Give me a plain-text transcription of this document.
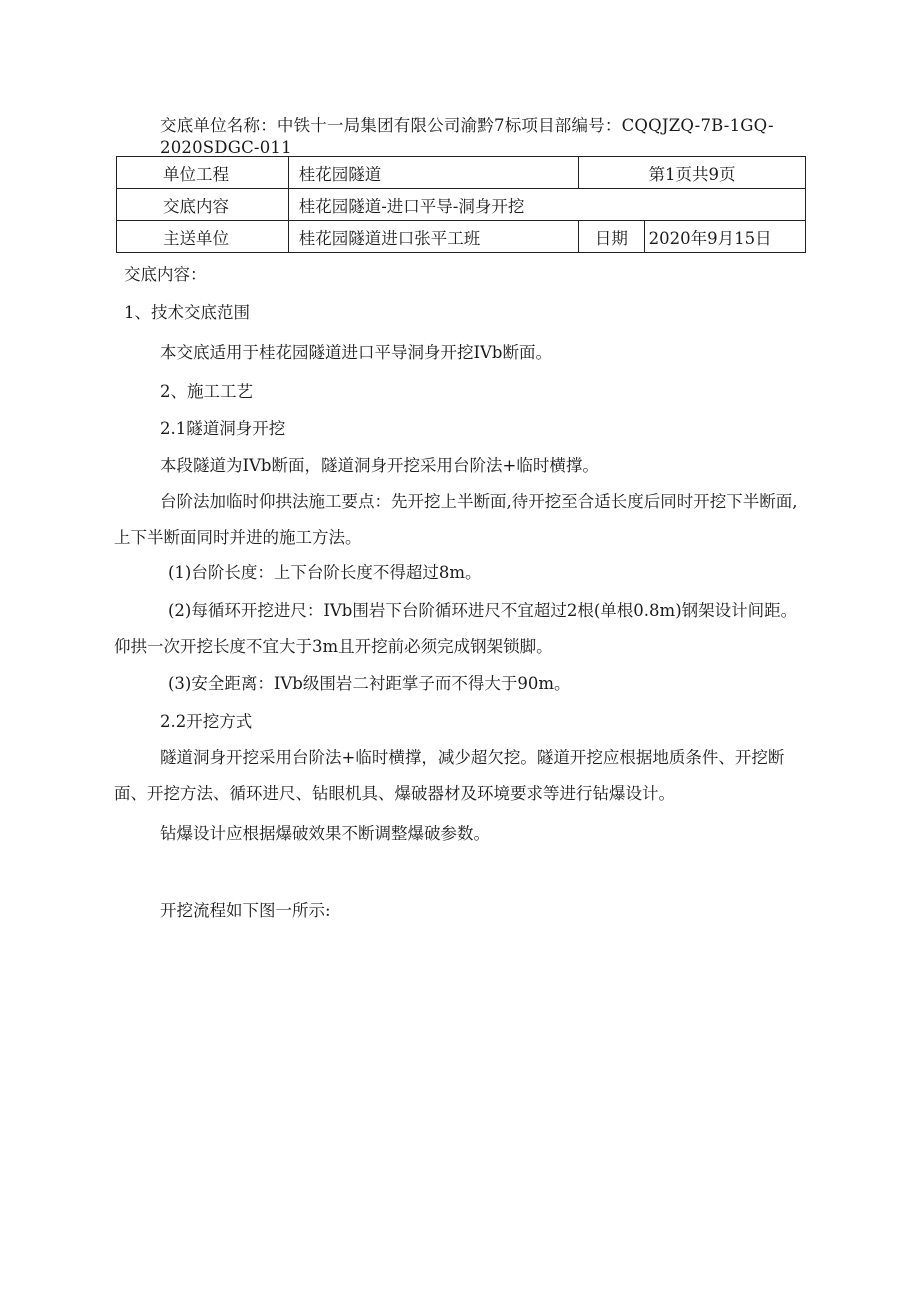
交底单位名称：中铁十一局集团有限公司渝黔7标项目部编号：CQQJZQ-7B-1GQ-2020SDGC-011
单位工程	桂花园隧道	第1页共9页	
交底内容	桂花园隧道-进口平导-洞身开挖		
主送单位	桂花园隧道进口张平工班	日期	2020年9月15日
交底内容：
1、技术交底范围
本交底适用于桂花园隧道进口平导洞身开挖IVb断面。
2、施工工艺
2.1隧道洞身开挖
本段隧道为IVb断面，隧道洞身开挖采用台阶法+临时横撑。
台阶法加临时仰拱法施工要点：先开挖上半断面,待开挖至合适长度后同时开挖下半断面,上下半断面同时并进的施工方法。
(1)台阶长度：上下台阶长度不得超过8m。
(2)每循环开挖进尺：IVb围岩下台阶循环进尺不宜超过2根(单根0.8m)钢架设计间距。仰拱一次开挖长度不宜大于3m且开挖前必须完成钢架锁脚。
(3)安全距离：IVb级围岩二衬距掌子而不得大于90m。
2.2开挖方式
隧道洞身开挖采用台阶法+临时横撑，减少超欠挖。隧道开挖应根据地质条件、开挖断面、开挖方法、循环进尺、钻眼机具、爆破器材及环境要求等进行钻爆设计。
钻爆设计应根据爆破效果不断调整爆破参数。
开挖流程如下图一所示:
